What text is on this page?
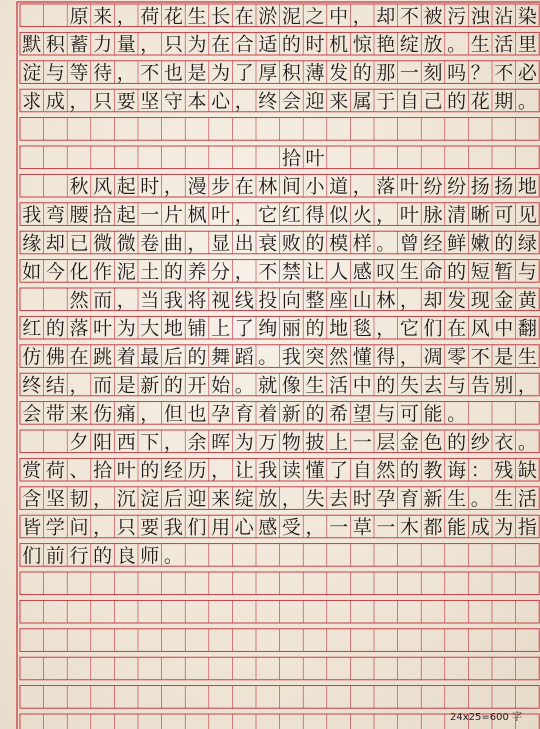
原 来 ， 荷 花 生 长 在 淤 泥 之 中 ， 却 不 被 污 浊 沾 染
默 积 蓄 力 量 ， 只 为 在 合 适 的 时 机 惊 艳 绽 放 。 生 活 里
淀 与 等 待 ， 不 也 是 为 了 厚 积 薄 发 的 那 一 刻 吗 ？ 不 必
求 成 ， 只 要 坚 守 本 心 ， 终 会 迎 来 属 于 自 己 的 花 期 。
拾 叶
秋 风 起 时 ， 漫 步 在 林 间 小 道 ， 落 叶 纷 纷 扬 扬 地
我 弯 腰 拾 起 一 片 枫 叶 ， 它 红 得 似 火 ， 叶 脉 清 晰 可 见
缘 却 已 微 微 卷 曲 ， 显 出 衰 败 的 模 样 。 曾 经 鲜 嫩 的 绿
如 今 化 作 泥 土 的 养 分 ， 不 禁 让 人 感 叹 生 命 的 短 暂 与
然 而 ， 当 我 将 视 线 投 向 整 座 山 林 ， 却 发 现 金 黄
红 的 落 叶 为 大 地 铺 上 了 绚 丽 的 地 毯 ， 它 们 在 风 中 翻
仿 佛 在 跳 着 最 后 的 舞 蹈 。 我 突 然 懂 得 ， 凋 零 不 是 生
终 结 ， 而 是 新 的 开 始 。 就 像 生 活 中 的 失 去 与 告 别 ，
会 带 来 伤 痛 ， 但 也 孕 育 着 新 的 希 望 与 可 能 。
夕 阳 西 下 ， 余 晖 为 万 物 披 上 一 层 金 色 的 纱 衣 。
赏 荷 、 拾 叶 的 经 历 ， 让 我 读 懂 了 自 然 的 教 诲 ： 残 缺
含 坚 韧 ， 沉 淀 后 迎 来 绽 放 ， 失 去 时 孕 育 新 生 。 生 活
皆 学 问 ， 只 要 我 们 用 心 感 受 ， 一 草 一 木 都 能 成 为 指
们 前 行 的 良 师 。
24x25=600 字
